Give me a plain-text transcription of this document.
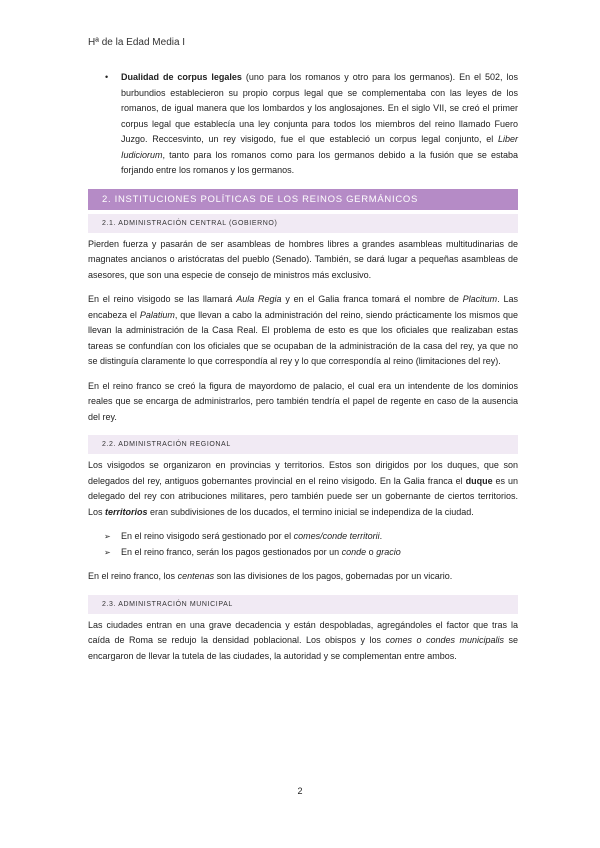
Hª de la Edad Media I
• Dualidad de corpus legales (uno para los romanos y otro para los germanos). En el 502, los burbundios establecieron su propio corpus legal que se complementaba con las leyes de los romanos, de igual manera que los lombardos y los anglosajones. En el siglo VII, se creó el primer corpus legal que establecía una ley conjunta para todos los miembros del reino llamado Fuero Juzgo. Reccesvinto, un rey visigodo, fue el que estableció un corpus legal conjunto, el Liber Iudiciorum, tanto para los romanos como para los germanos debido a la fusión que se estaba forjando entre los romanos y los germanos.

2. INSTITUCIONES POLÍTICAS DE LOS REINOS GERMÁNICOS
2.1. ADMINISTRACIÓN CENTRAL (GOBIERNO)

Pierden fuerza y pasarán de ser asambleas de hombres libres a grandes asambleas multitudinarias de magnates ancianos o aristócratas del pueblo (Senado). También, se dará lugar a pequeñas asambleas de asesores, que son una especie de consejo de ministros más exclusivo.

En el reino visigodo se las llamará Aula Regia y en el Galia franca tomará el nombre de Placitum. Las encabeza el Palatium, que llevan a cabo la administración del reino, siendo prácticamente los mismos que llevan la administración de la Casa Real. El problema de esto es que los oficiales que realizaban estas tareas se confundían con los oficiales que se ocupaban de la administración de la casa del rey, ya que no se distinguía claramente lo que correspondía al rey y lo que correspondía al reino (limitaciones del rey).

En el reino franco se creó la figura de mayordomo de palacio, el cual era un intendente de los dominios reales que se encarga de administrarlos, pero también tendría el papel de regente en caso de la ausencia del rey.

2.2. ADMINISTRACIÓN REGIONAL

Los visigodos se organizaron en provincias y territorios. Estos son dirigidos por los duques, que son delegados del rey, antiguos gobernantes provincial en el reino visigodo. En la Galia franca el duque es un delegado del rey con atribuciones militares, pero también puede ser un gobernante de ciertos territorios. Los territorios eran subdivisiones de los ducados, el termino inicial se independiza de la ciudad.

➢ En el reino visigodo será gestionado por el comes/conde territorii.
➢ En el reino franco, serán los pagos gestionados por un conde o gracio

En el reino franco, los centenas son las divisiones de los pagos, gobernadas por un vicario.

2.3. ADMINISTRACIÓN MUNICIPAL

Las ciudades entran en una grave decadencia y están despobladas, agregándoles el factor que tras la caída de Roma se redujo la densidad poblacional. Los obispos y los comes o condes municipalis se encargaron de llevar la tutela de las ciudades, la autoridad y se complementan entre ambos.

2
